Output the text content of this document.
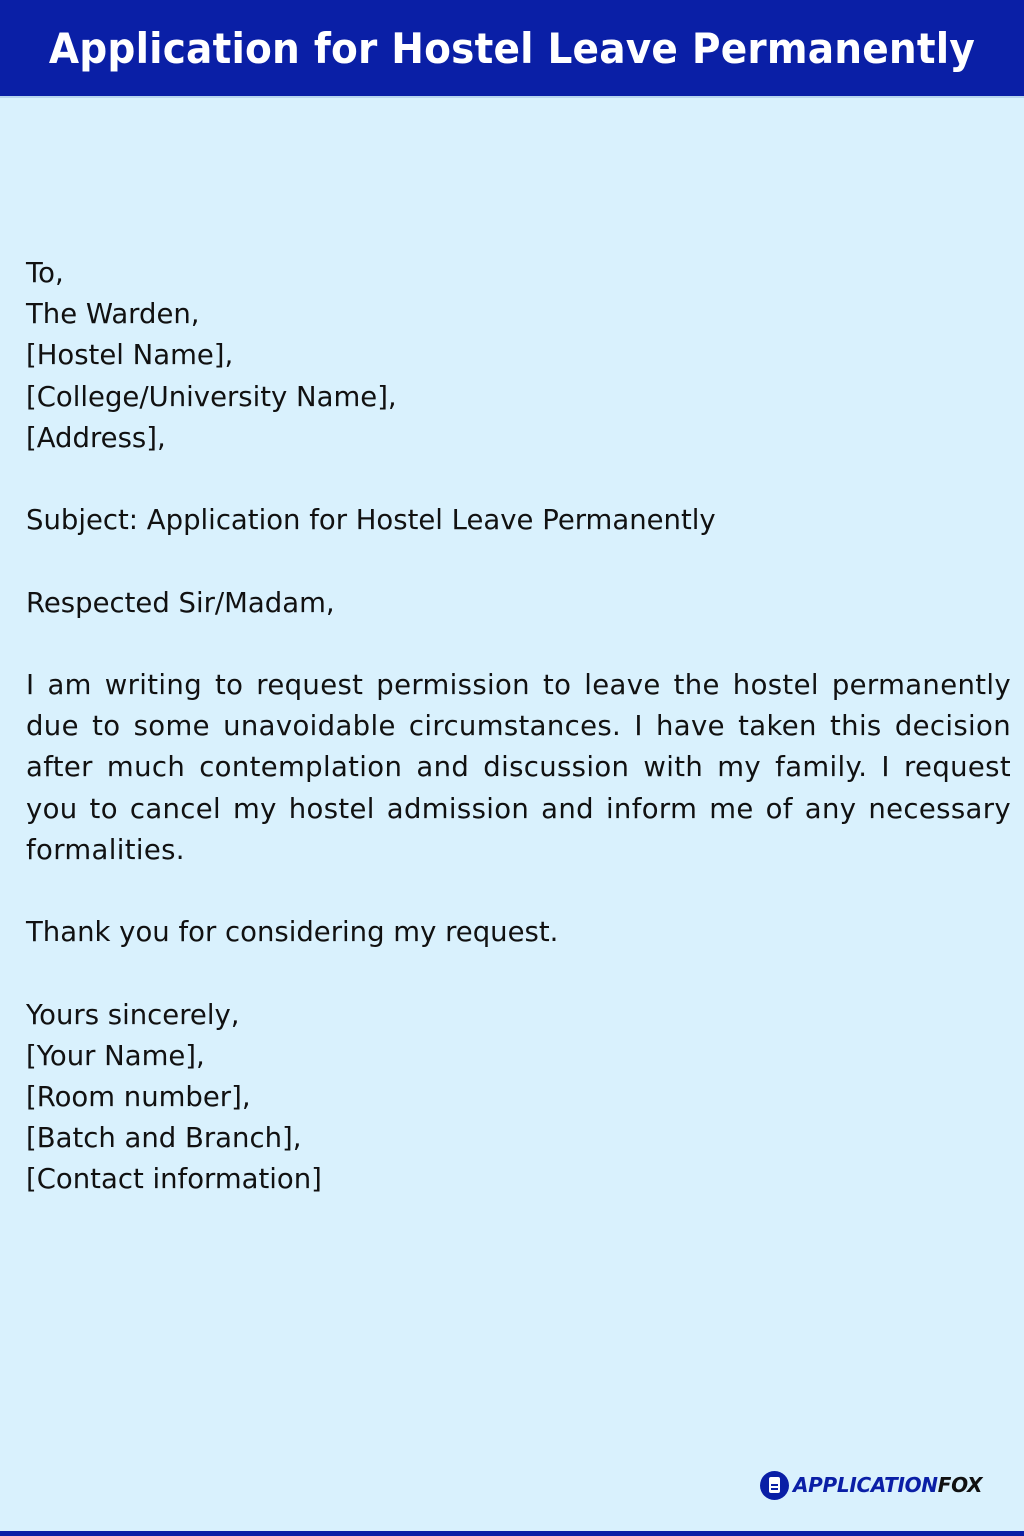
Application for Hostel Leave Permanently
To,
The Warden,
[Hostel Name],
[College/University Name],
[Address],
Subject: Application for Hostel Leave Permanently
Respected Sir/Madam,
I am writing to request permission to leave the hostel permanently due to some unavoidable circumstances. I have taken this decision after much contemplation and discussion with my family. I request you to cancel my hostel admission and inform me of any necessary formalities.
Thank you for considering my request.
Yours sincerely,
[Your Name],
[Room number],
[Batch and Branch],
[Contact information]
APPLICATIONFOX
